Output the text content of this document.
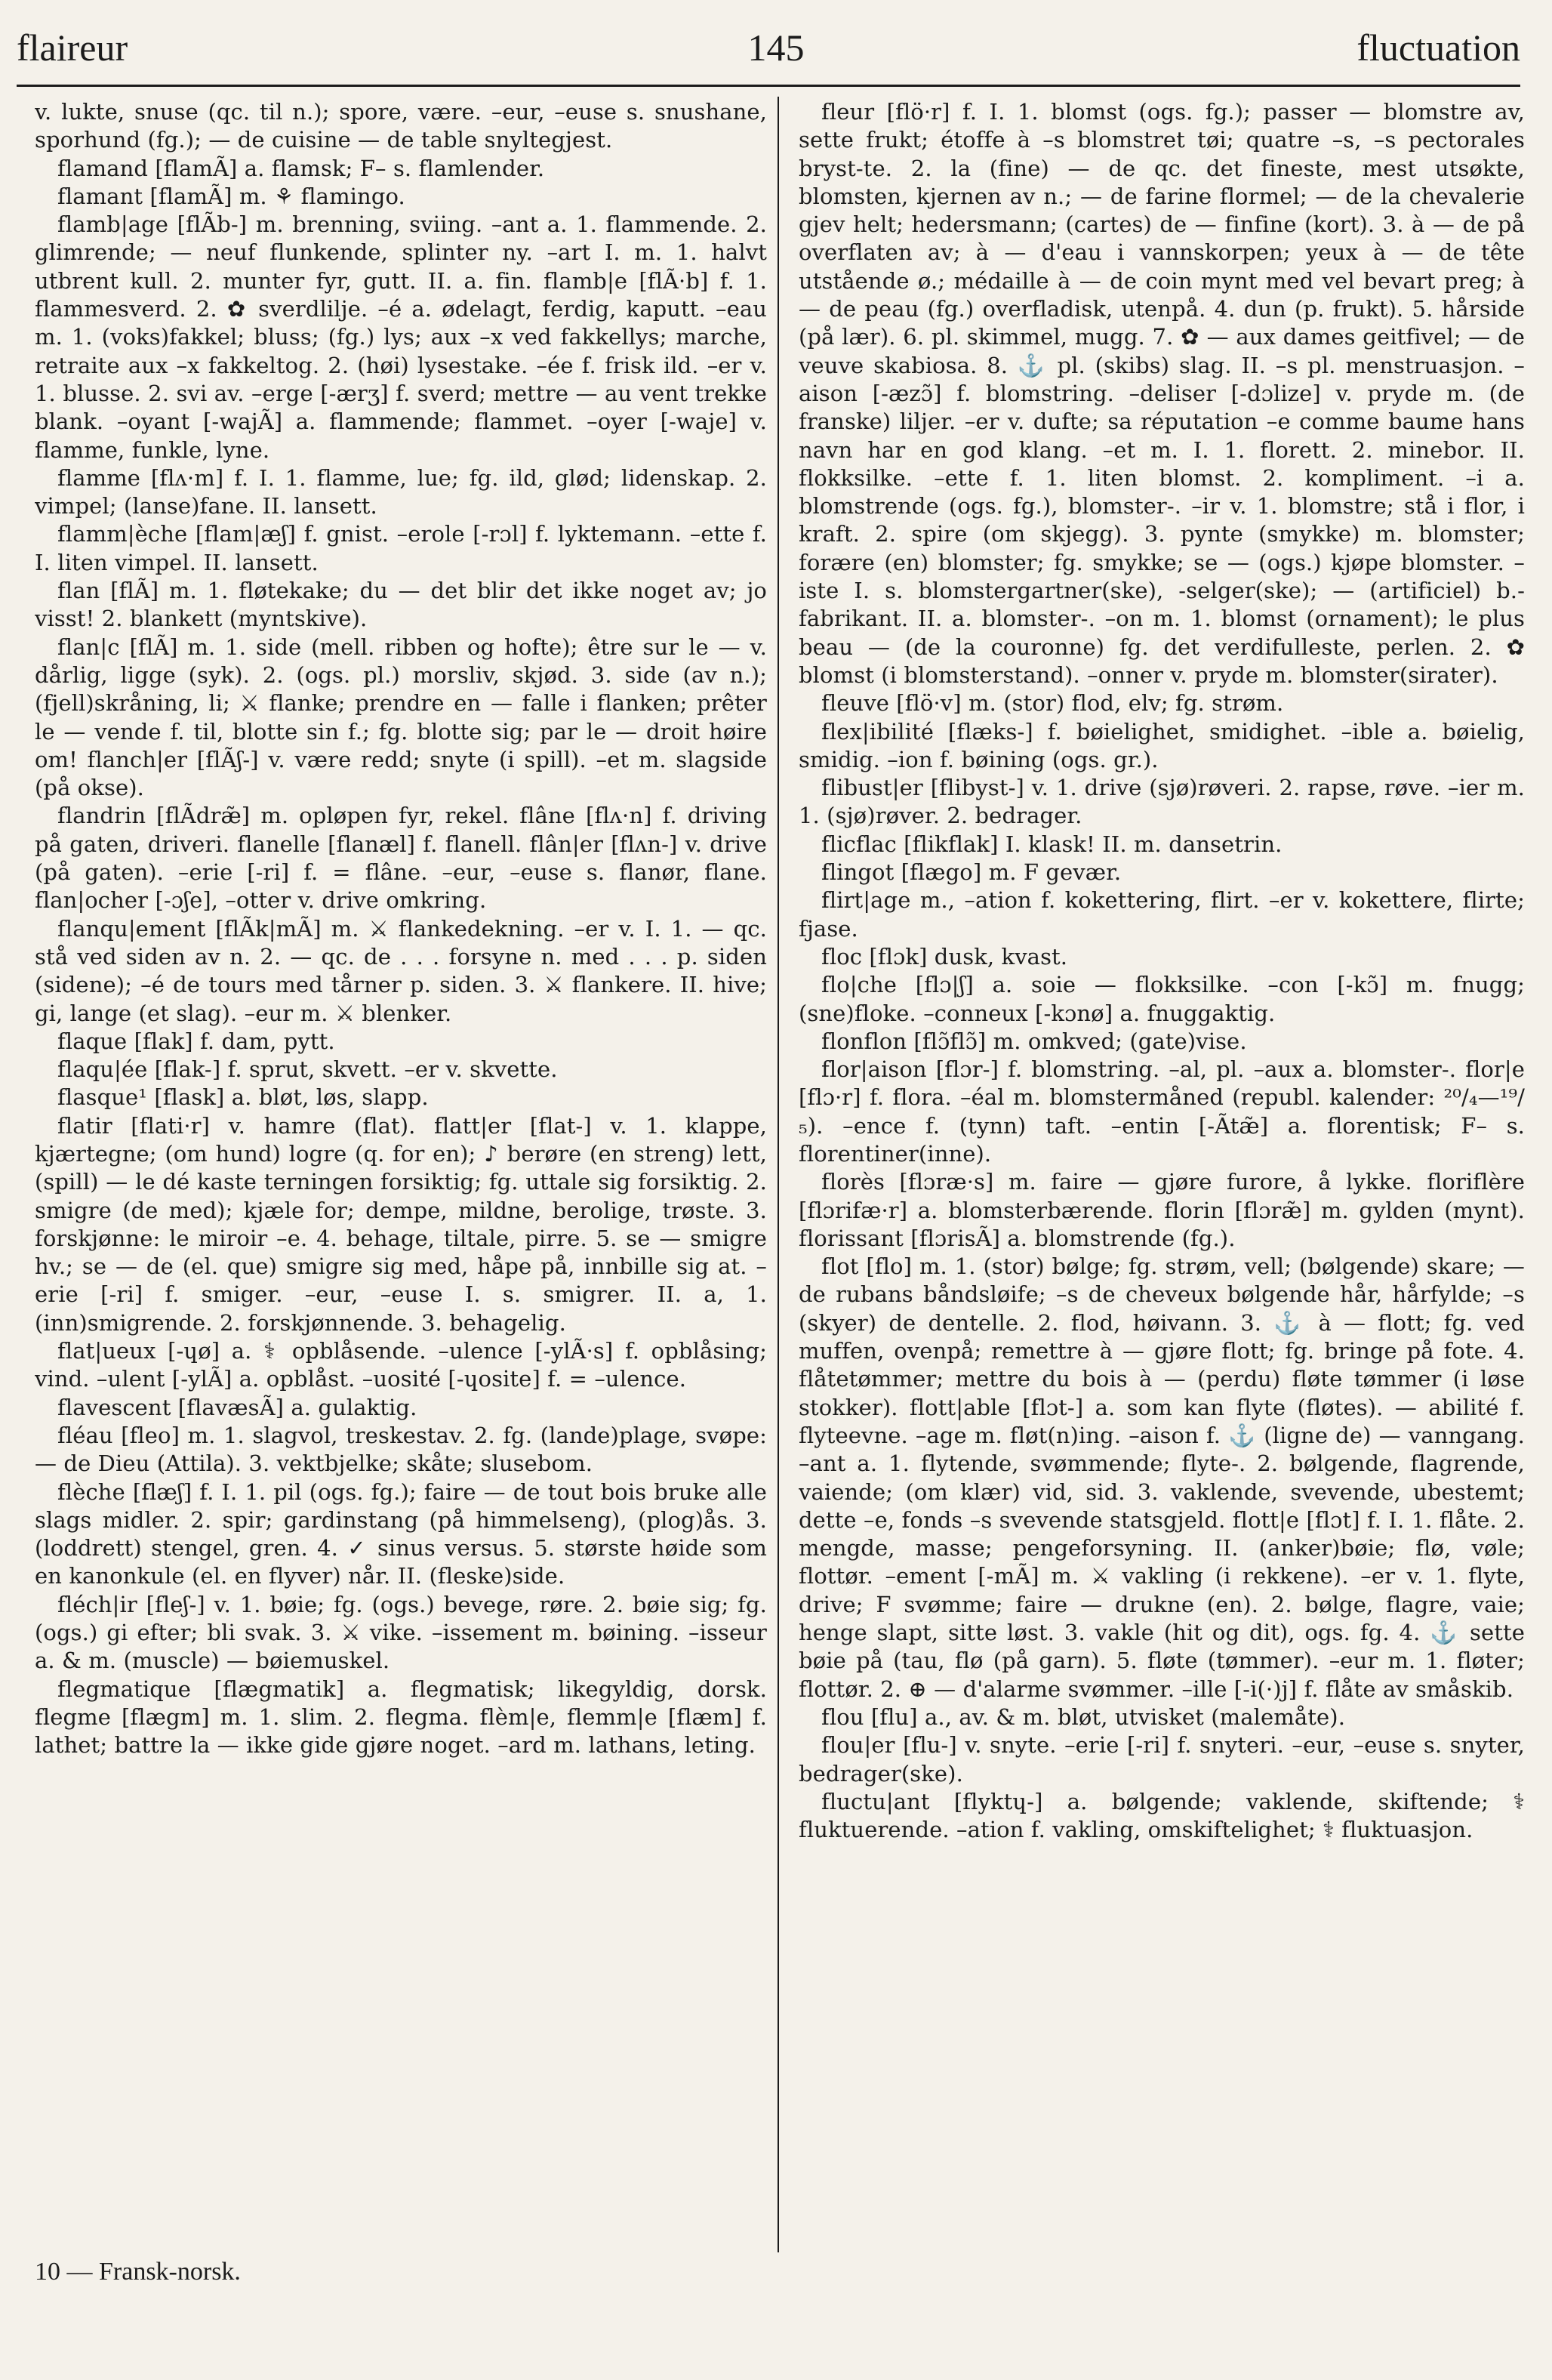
flaireur	145	fluctuation

v. lukte, snuse (qc. til n.); spore, være. –eur, –euse s. snushane, sporhund (fg.); — de cuisine — de table snyltegjest.

flamand [flamÃ] a. flamsk; F– s. flamlender.

flamant [flamÃ] m. ⚘ flamingo.

flamb|age [flÃb-] m. brenning, sviing. –ant a. 1. flammende. 2. glimrende; — neuf flunkende, splinter ny. –art I. m. 1. halvt utbrent kull. 2. munter fyr, gutt. II. a. fin. flamb|e [flÃ·b] f. 1. flammesverd. 2. ✿ sverdlilje. –é a. ødelagt, ferdig, kaputt. –eau m. 1. (voks)fakkel; bluss; (fg.) lys; aux –x ved fakkellys; marche, retraite aux –x fakkeltog. 2. (høi) lysestake. –ée f. frisk ild. –er v. 1. blusse. 2. svi av. –erge [-ærʒ] f. sverd; mettre — au vent trekke blank. –oyant [-wajÃ] a. flammende; flammet. –oyer [-waje] v. flamme, funkle, lyne.

flamme [flʌ·m] f. I. 1. flamme, lue; fg. ild, glød; lidenskap. 2. vimpel; (lanse)fane. II. lansett.

flamm|èche [flam|æʃ] f. gnist. –erole [-rɔl] f. lyktemann. –ette f. I. liten vimpel. II. lansett.

flan [flÃ] m. 1. fløtekake; du — det blir det ikke noget av; jo visst! 2. blankett (myntskive).

flan|c [flÃ] m. 1. side (mell. ribben og hofte); être sur le — v. dårlig, ligge (syk). 2. (ogs. pl.) morsliv, skjød. 3. side (av n.); (fjell)skråning, li; ⚔ flanke; prendre en — falle i flanken; prêter le — vende f. til, blotte sin f.; fg. blotte sig; par le — droit høire om! flanch|er [flÃʃ-] v. være redd; snyte (i spill). –et m. slagside (på okse).

flandrin [flÃdræ̃] m. opløpen fyr, rekel. flâne [flʌ·n] f. driving på gaten, driveri. flanelle [flanæl] f. flanell. flân|er [flʌn-] v. drive (på gaten). –erie [-ri] f. = flâne. –eur, –euse s. flanør, flane. flan|ocher [-ɔʃe], –otter v. drive omkring.

flanqu|ement [flÃk|mÃ] m. ⚔ flankedekning. –er v. I. 1. — qc. stå ved siden av n. 2. — qc. de . . . forsyne n. med . . . p. siden (sidene); –é de tours med tårner p. siden. 3. ⚔ flankere. II. hive; gi, lange (et slag). –eur m. ⚔ blenker.

flaque [flak] f. dam, pytt.

flaqu|ée [flak-] f. sprut, skvett. –er v. skvette.

flasque¹ [flask] a. bløt, løs, slapp.

flatir [flati·r] v. hamre (flat). flatt|er [flat-] v. 1. klappe, kjærtegne; (om hund) logre (q. for en); ♪ berøre (en streng) lett, (spill) — le dé kaste terningen forsiktig; fg. uttale sig forsiktig. 2. smigre (de med); kjæle for; dempe, mildne, berolige, trøste. 3. forskjønne: le miroir –e. 4. behage, tiltale, pirre. 5. se — smigre hv.; se — de (el. que) smigre sig med, håpe på, innbille sig at. –erie [-ri] f. smiger. –eur, –euse I. s. smigrer. II. a, 1. (inn)smigrende. 2. forskjønnende. 3. behagelig.

flat|ueux [-ɥø] a. ⚕ opblåsende. –ulence [-ylÃ·s] f. opblåsing; vind. –ulent [-ylÃ] a. opblåst. –uosité [-ɥosite] f. = –ulence.

flavescent [flavæsÃ] a. gulaktig.

fléau [fleo] m. 1. slagvol, treskestav. 2. fg. (lande)plage, svøpe: — de Dieu (Attila). 3. vektbjelke; skåte; slusebom.

flèche [flæʃ] f. I. 1. pil (ogs. fg.); faire — de tout bois bruke alle slags midler. 2. spir; gardinstang (på himmelseng), (plog)ås. 3. (loddrett) stengel, gren. 4. ✓ sinus versus. 5. største høide som en kanonkule (el. en flyver) når. II. (fleske)side.

fléch|ir [fleʃ-] v. 1. bøie; fg. (ogs.) bevege, røre. 2. bøie sig; fg. (ogs.) gi efter; bli svak. 3. ⚔ vike. –issement m. bøining. –isseur a. & m. (muscle) — bøiemuskel.

flegmatique [flægmatik] a. flegmatisk; likegyldig, dorsk. flegme [flægm] m. 1. slim. 2. flegma. flèm|e, flemm|e [flæm] f. lathet; battre la — ikke gide gjøre noget. –ard m. lathans, leting.

fleur [flö·r] f. I. 1. blomst (ogs. fg.); passer — blomstre av, sette frukt; étoffe à –s blomstret tøi; quatre –s, –s pectorales bryst-te. 2. la (fine) — de qc. det fineste, mest utsøkte, blomsten, kjernen av n.; — de farine flormel; — de la chevalerie gjev helt; hedersmann; (cartes) de — finfine (kort). 3. à — de på overflaten av; à — d'eau i vannskorpen; yeux à — de tête utstående ø.; médaille à — de coin mynt med vel bevart preg; à — de peau (fg.) overfladisk, utenpå. 4. dun (p. frukt). 5. hårside (på lær). 6. pl. skimmel, mugg. 7. ✿ — aux dames geitfivel; — de veuve skabiosa. 8. ⚓ pl. (skibs) slag. II. –s pl. menstruasjon. –aison [-æzɔ̃] f. blomstring. –deliser [-dɔlize] v. pryde m. (de franske) liljer. –er v. dufte; sa réputation –e comme baume hans navn har en god klang. –et m. I. 1. florett. 2. minebor. II. flokksilke. –ette f. 1. liten blomst. 2. kompliment. –i a. blomstrende (ogs. fg.), blomster-. –ir v. 1. blomstre; stå i flor, i kraft. 2. spire (om skjegg). 3. pynte (smykke) m. blomster; forære (en) blomster; fg. smykke; se — (ogs.) kjøpe blomster. –iste I. s. blomstergartner(ske), -selger(ske); — (artificiel) b.-fabrikant. II. a. blomster-. –on m. 1. blomst (ornament); le plus beau — (de la couronne) fg. det verdifulleste, perlen. 2. ✿ blomst (i blomsterstand). –onner v. pryde m. blomster(sirater).

fleuve [flö·v] m. (stor) flod, elv; fg. strøm.

flex|ibilité [flæks-] f. bøielighet, smidighet. –ible a. bøielig, smidig. –ion f. bøining (ogs. gr.).

flibust|er [flibyst-] v. 1. drive (sjø)røveri. 2. rapse, røve. –ier m. 1. (sjø)røver. 2. bedrager.

flicflac [flikflak] I. klask! II. m. dansetrin.

flingot [flægo] m. F gevær.

flirt|age m., –ation f. kokettering, flirt. –er v. kokettere, flirte; fjase.

floc [flɔk] dusk, kvast.

flo|che [flɔ|ʃ] a. soie — flokksilke. –con [-kɔ̃] m. fnugg; (sne)floke. –conneux [-kɔnø] a. fnuggaktig.

flonflon [flɔ̃flɔ̃] m. omkved; (gate)vise.

flor|aison [flɔr-] f. blomstring. –al, pl. –aux a. blomster-. flor|e [flɔ·r] f. flora. –éal m. blomstermåned (republ. kalender: ²⁰/₄—¹⁹/₅). –ence f. (tynn) taft. –entin [-Ãtæ̃] a. florentisk; F– s. florentiner(inne).

florès [flɔræ·s] m. faire — gjøre furore, å lykke. floriflère [flɔrifæ·r] a. blomsterbærende. florin [flɔræ̃] m. gylden (mynt). florissant [flɔrisÃ] a. blomstrende (fg.).

flot [flo] m. 1. (stor) bølge; fg. strøm, vell; (bølgende) skare; — de rubans båndsløife; –s de cheveux bølgende hår, hårfylde; –s (skyer) de dentelle. 2. flod, høivann. 3. ⚓ à — flott; fg. ved muffen, ovenpå; remettre à — gjøre flott; fg. bringe på fote. 4. flåtetømmer; mettre du bois à — (perdu) fløte tømmer (i løse stokker). flott|able [flɔt-] a. som kan flyte (fløtes). — abilité f. flyteevne. –age m. fløt(n)ing. –aison f. ⚓ (ligne de) — vanngang. –ant a. 1. flytende, svømmende; flyte-. 2. bølgende, flagrende, vaiende; (om klær) vid, sid. 3. vaklende, svevende, ubestemt; dette –e, fonds –s svevende statsgjeld. flott|e [flɔt] f. I. 1. flåte. 2. mengde, masse; pengeforsyning. II. (anker)bøie; flø, vøle; flottør. –ement [-mÃ] m. ⚔ vakling (i rekkene). –er v. 1. flyte, drive; F svømme; faire — drukne (en). 2. bølge, flagre, vaie; henge slapt, sitte løst. 3. vakle (hit og dit), ogs. fg. 4. ⚓ sette bøie på (tau, flø (på garn). 5. fløte (tømmer). –eur m. 1. fløter; flottør. 2. ⊕ — d'alarme svømmer. –ille [-i(·)j] f. flåte av småskib.

flou [flu] a., av. & m. bløt, utvisket (malemåte).

flou|er [flu-] v. snyte. –erie [-ri] f. snyteri. –eur, –euse s. snyter, bedrager(ske).

fluctu|ant [flyktɥ-] a. bølgende; vaklende, skiftende; ⚕ fluktuerende. –ation f. vakling, omskiftelighet; ⚕ fluktuasjon.

10 — Fransk-norsk.
